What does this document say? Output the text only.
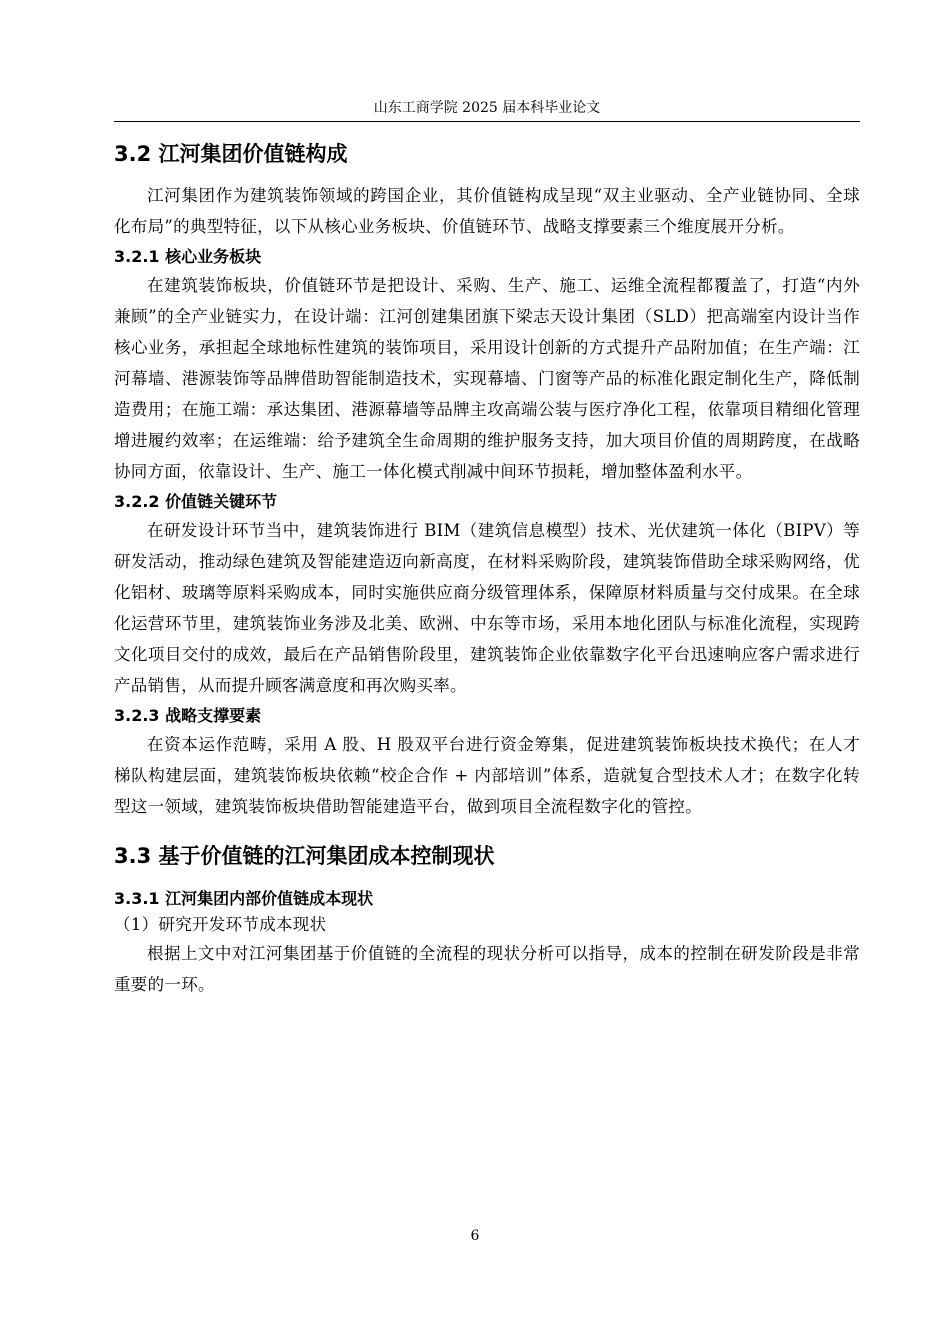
山东工商学院 2025 届本科毕业论文
3.2 江河集团价值链构成

江河集团作为建筑装饰领域的跨国企业，其价值链构成呈现“双主业驱动、全产业链协同、全球化布局”的典型特征，以下从核心业务板块、价值链环节、战略支撑要素三个维度展开分析。

3.2.1 核心业务板块

在建筑装饰板块，价值链环节是把设计、采购、生产、施工、运维全流程都覆盖了，打造“内外兼顾”的全产业链实力，在设计端：江河创建集团旗下梁志天设计集团（SLD）把高端室内设计当作核心业务，承担起全球地标性建筑的装饰项目，采用设计创新的方式提升产品附加值；在生产端：江河幕墙、港源装饰等品牌借助智能制造技术，实现幕墙、门窗等产品的标准化跟定制化生产，降低制造费用；在施工端：承达集团、港源幕墙等品牌主攻高端公装与医疗净化工程，依靠项目精细化管理增进履约效率；在运维端：给予建筑全生命周期的维护服务支持，加大项目价值的周期跨度，在战略协同方面，依靠设计、生产、施工一体化模式削减中间环节损耗，增加整体盈利水平。

3.2.2 价值链关键环节

在研发设计环节当中，建筑装饰进行 BIM（建筑信息模型）技术、光伏建筑一体化（BIPV）等研发活动，推动绿色建筑及智能建造迈向新高度，在材料采购阶段，建筑装饰借助全球采购网络，优化铝材、玻璃等原料采购成本，同时实施供应商分级管理体系，保障原材料质量与交付成果。在全球化运营环节里，建筑装饰业务涉及北美、欧洲、中东等市场，采用本地化团队与标准化流程，实现跨文化项目交付的成效，最后在产品销售阶段里，建筑装饰企业依靠数字化平台迅速响应客户需求进行产品销售，从而提升顾客满意度和再次购买率。

3.2.3 战略支撑要素

在资本运作范畴，采用 A 股、H 股双平台进行资金筹集，促进建筑装饰板块技术换代；在人才梯队构建层面，建筑装饰板块依赖“校企合作 + 内部培训”体系，造就复合型技术人才；在数字化转型这一领域，建筑装饰板块借助智能建造平台，做到项目全流程数字化的管控。

3.3 基于价值链的江河集团成本控制现状
3.3.1 江河集团内部价值链成本现状

（1）研究开发环节成本现状

根据上文中对江河集团基于价值链的全流程的现状分析可以指导，成本的控制在研发阶段是非常重要的一环。

6
